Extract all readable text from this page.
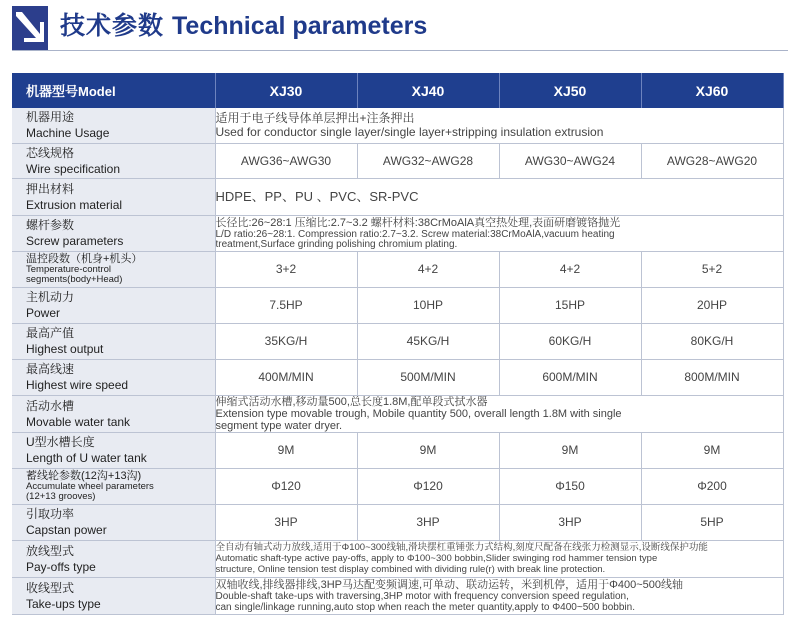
技术参数 Technical parameters
机器型号Model	XJ30	XJ40	XJ50	XJ60

机器用途
Machine Usage	适用于电子线导体单层押出+注条押出
Used for conductor single layer/single layer+stripping insulation extrusion			

芯线规格
Wire specification	AWG36~AWG30	AWG32~AWG28	AWG30~AWG24	AWG28~AWG20

押出材料
Extrusion material	HDPE、PP、PU 、PVC、SR-PVC			

螺杆参数
Screw parameters	长径比:26~28:1 压缩比:2.7~3.2 螺杆材料:38CrMoAlA真空热处理,表面研磨镀铬抛光
L/D ratio:26~28:1. Compression ratio:2.7~3.2. Screw material:38CrMoAlA,vacuum heating
treatment,Surface grinding polishing chromium plating.			

温控段数（机身+机头）
Temperature-control
segments(body+Head)	3+2	4+2	4+2	5+2

主机动力
Power	7.5HP	10HP	15HP	20HP

最高产值
Highest output	35KG/H	45KG/H	60KG/H	80KG/H

最高线速
Highest wire speed	400M/MIN	500M/MIN	600M/MIN	800M/MIN

活动水槽
Movable water tank	伸缩式活动水槽,移动量500,总长度1.8M,配单段式拭水器
Extension type movable trough, Mobile quantity 500, overall length 1.8M with single
segment type water dryer.			

U型水槽长度
Length of U water tank	9M	9M	9M	9M

蓄线轮参数(12沟+13沟)
Accumulate wheel parameters
(12+13 grooves)	Φ120	Φ120	Φ150	Φ200

引取功率
Capstan power	3HP	3HP	3HP	5HP

放线型式
Pay-offs type	全自动有轴式动力放线,适用于Φ100~300线轴,滑块摆杠重锤张力式结构,刻度尺配备在线张力检测显示,设断线保护功能
Automatic shaft-type active pay-offs, apply to Φ100~300 bobbin,Slider swinging rod hammer tension type
structure, Online tension test display combined with dividing rule(r) with break line protection.			

收线型式
Take-ups type	双轴收线,排线器排线,3HP马达配变频调速,可单动、联动运转，米到机停，适用于Φ400~500线轴
Double-shaft take-ups with traversing,3HP motor with frequency conversion speed regulation,
can single/linkage running,auto stop when reach the meter quantity,apply to Φ400~500 bobbin.			
